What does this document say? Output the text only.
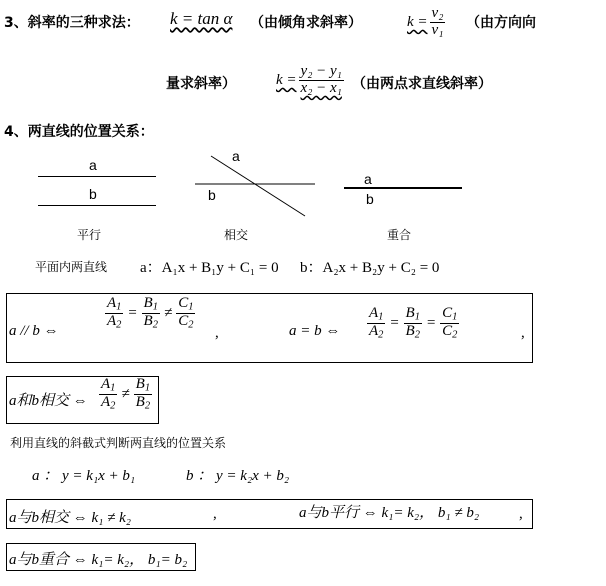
3、斜率的三种求法： k = tan α （由倾角求斜率）	$k = \frac{\text{v₂}}{\text{v₁}}$ （由方向向
量求斜率）	$k = \frac{\text{y₂ − y₁}}{\text{x₂ − x₁}}$ （由两点求直线斜率）
4、两直线的位置关系：
a
b
平行
a
b
相交
a
b
重合
平面内两直线 a：A₁x + B₁y + C₁ = 0 b：A₂x + B₂y + C₂ = 0
a // b ⇔
$\frac{A_1}{A_2} = \frac{B_1}{B_2} \ne \frac{C_1}{C_2}$
,	a = b ⇔ $\frac{A_1}{A_2} = \frac{B_1}{B_2} = \frac{C_1}{C_2}$	,
a和b相交 ⇔ $\frac{A_1}{A_2} \ne \frac{B_1}{B_2}$
利用直线的斜截式判断两直线的位置关系
a ： y = k₁x + b₁	b ： y = k₂x + b₂
a与b相交 ⇔ k₁ ≠ k₂	,	a与b平行 ⇔ k₁= k₂， b₁ ≠ b₂	,
a与b重合 ⇔ k₁= k₂， b₁= b₂
